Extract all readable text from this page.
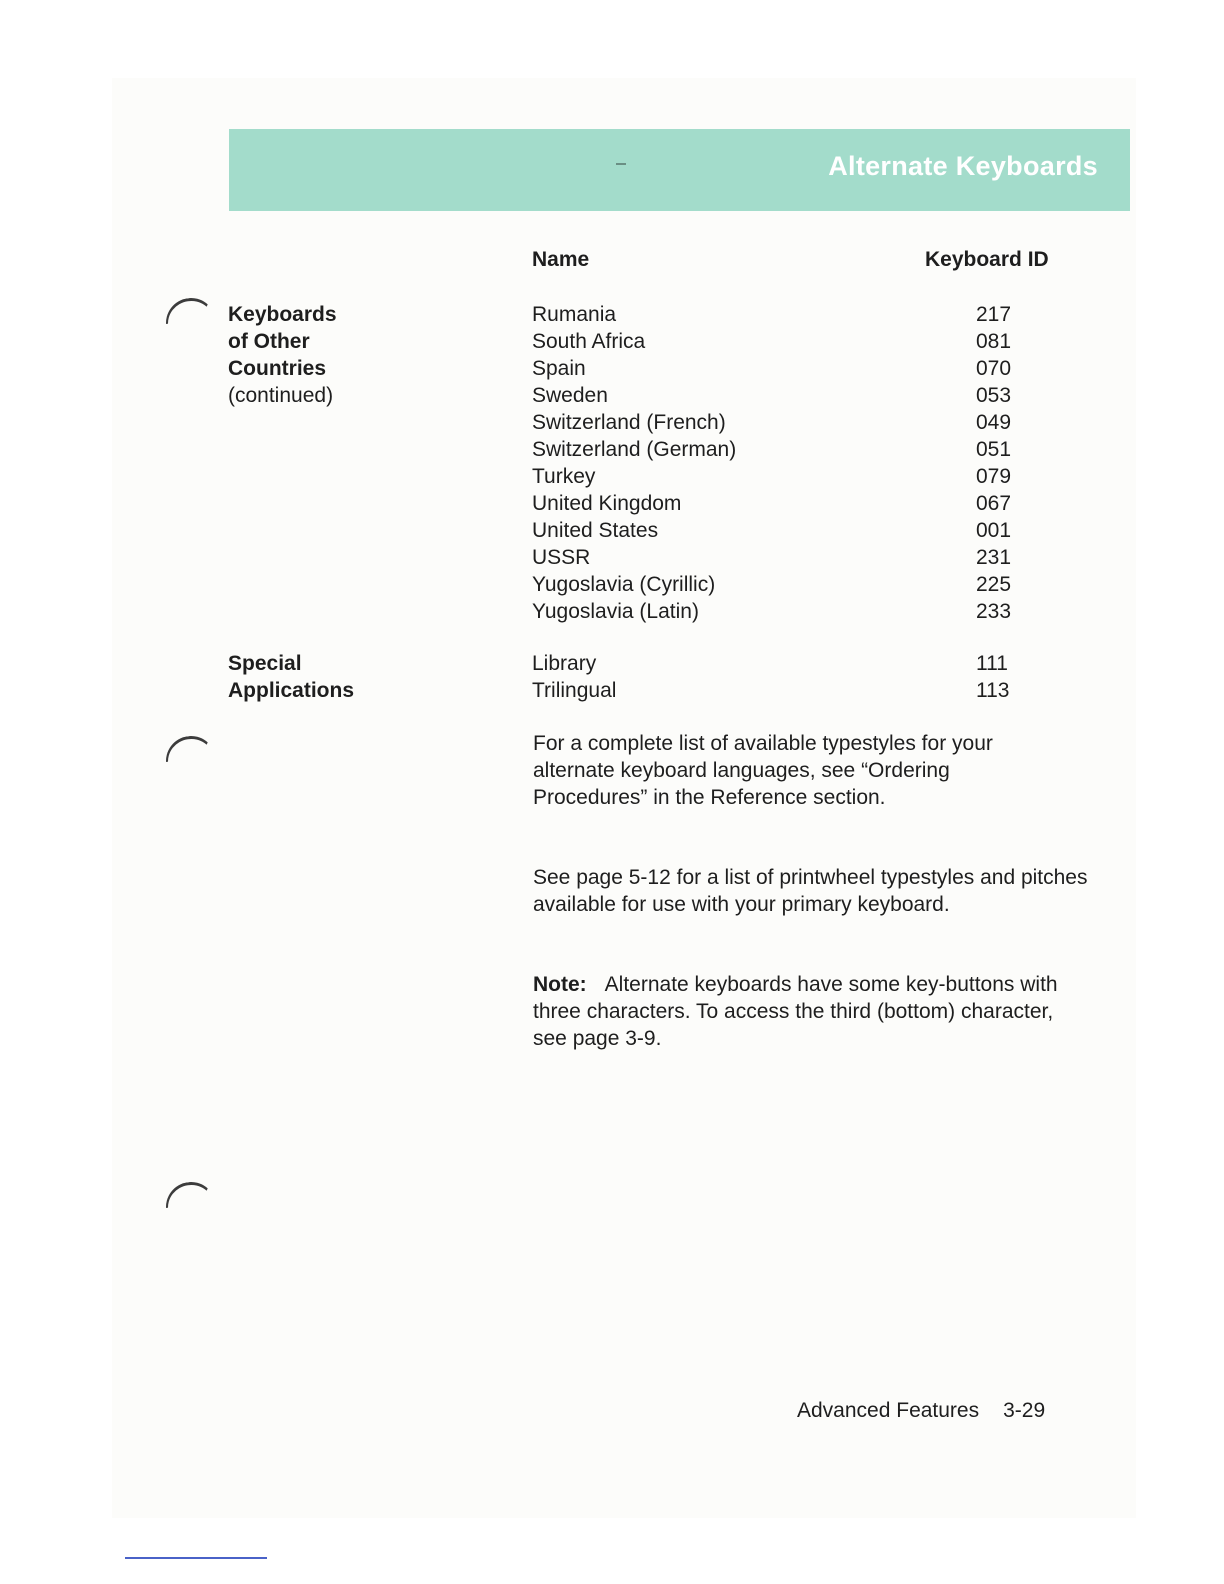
Alternate Keyboards
Name	Keyboard ID
Keyboards
of Other
Countries
(continued)
Rumania	217
South Africa	081
Spain	070
Sweden	053
Switzerland (French)	049
Switzerland (German)	051
Turkey	079
United Kingdom	067
United States	001
USSR	231
Yugoslavia (Cyrillic)	225
Yugoslavia (Latin)	233
Special
Applications
Library	111
Trilingual	113
For a complete list of available typestyles for your alternate keyboard languages, see “Ordering Procedures” in the Reference section.
See page 5-12 for a list of printwheel typestyles and pitches available for use with your primary keyboard.
Note: Alternate keyboards have some key-buttons with three characters. To access the third (bottom) character, see page 3-9.
Advanced Features 3-29
